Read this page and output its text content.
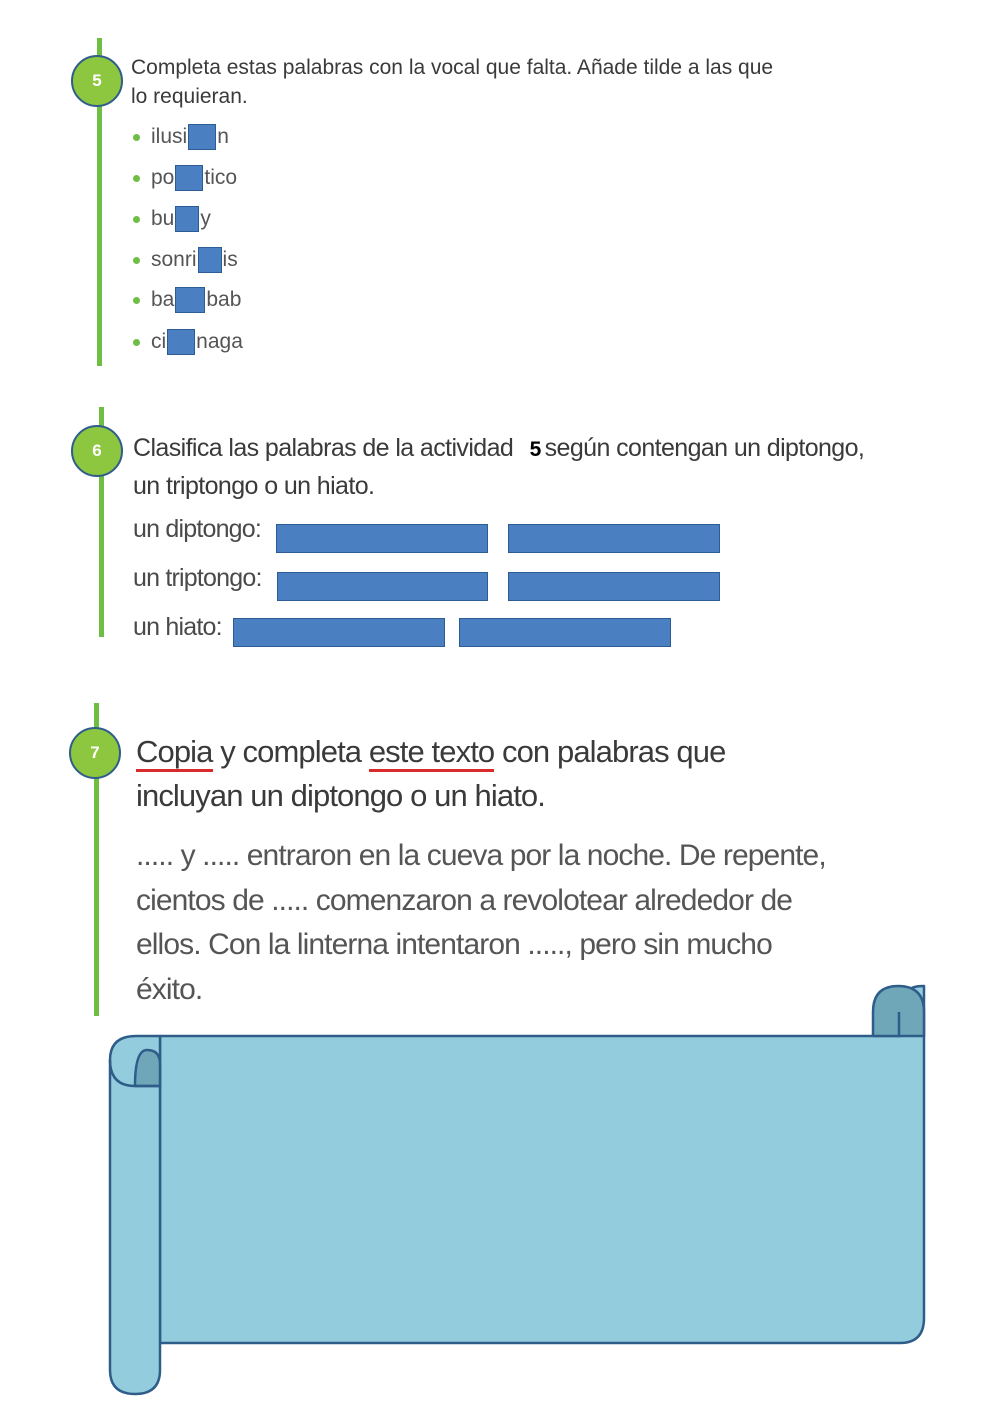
5
Completa estas palabras con la vocal que falta. Añade tilde a las que
lo requieran.
ilusi n
po tico
bu y
sonri is
ba bab
ci naga
6	Clasifica las palabras de la actividad 5 según contengan un diptongo,
un triptongo o un hiato.
un diptongo:
un triptongo:
un hiato:
7	Copia y completa este texto con palabras que
incluyan un diptongo o un hiato.
..... y ..... entraron en la cueva por la noche. De repente,
cientos de ..... comenzaron a revolotear alrededor de
ellos. Con la linterna intentaron ....., pero sin mucho
éxito.
